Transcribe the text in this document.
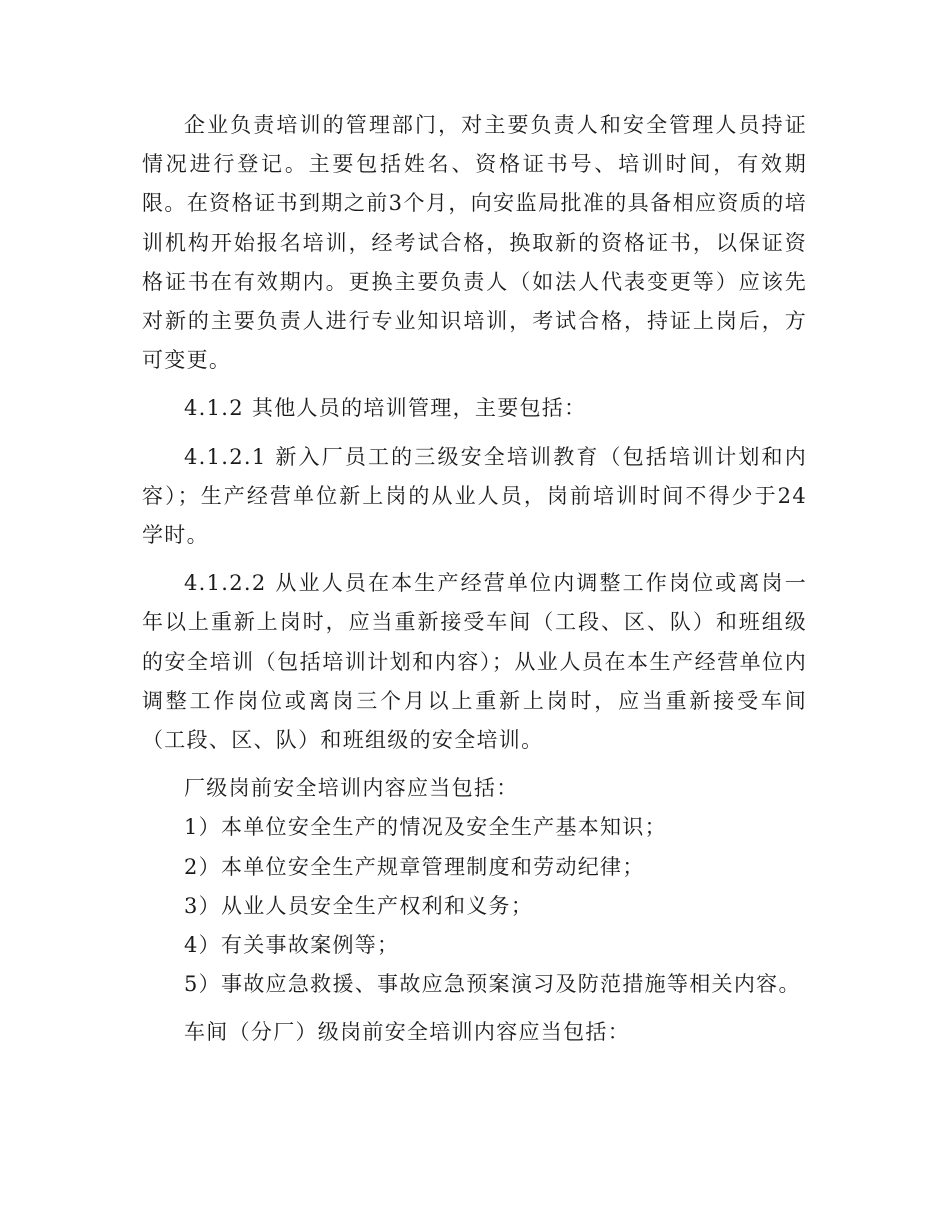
企业负责培训的管理部门，对主要负责人和安全管理人员持证情况进行登记。主要包括姓名、资格证书号、培训时间，有效期限。在资格证书到期之前3个月，向安监局批准的具备相应资质的培训机构开始报名培训，经考试合格，换取新的资格证书，以保证资格证书在有效期内。更换主要负责人（如法人代表变更等）应该先对新的主要负责人进行专业知识培训，考试合格，持证上岗后，方可变更。

4.1.2 其他人员的培训管理，主要包括：

4.1.2.1 新入厂员工的三级安全培训教育（包括培训计划和内容）；生产经营单位新上岗的从业人员，岗前培训时间不得少于24学时。

4.1.2.2 从业人员在本生产经营单位内调整工作岗位或离岗一年以上重新上岗时，应当重新接受车间（工段、区、队）和班组级的安全培训（包括培训计划和内容）；从业人员在本生产经营单位内调整工作岗位或离岗三个月以上重新上岗时，应当重新接受车间（工段、区、队）和班组级的安全培训。

厂级岗前安全培训内容应当包括：

1）本单位安全生产的情况及安全生产基本知识；

2）本单位安全生产规章管理制度和劳动纪律；

3）从业人员安全生产权利和义务；

4）有关事故案例等；

5）事故应急救援、事故应急预案演习及防范措施等相关内容。

车间（分厂）级岗前安全培训内容应当包括：
